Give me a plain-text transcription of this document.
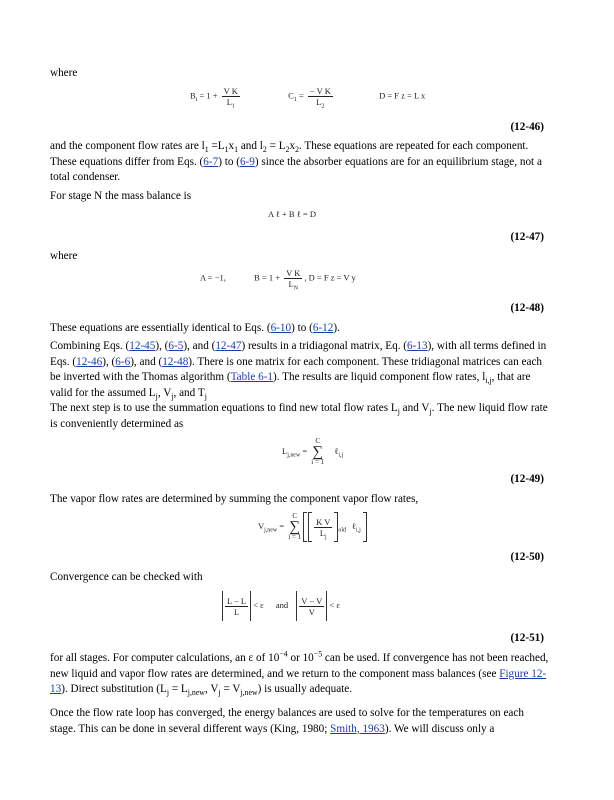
where

$B_i = 1 + \frac{\text{V K}}{L_1}$	$C_1 = \frac{\text{− V K}}{L_2}$	D = F z = L x
(12-46)

and the component flow rates are $l_1 =L_1x_1$ and $l_2 = L_2x_2$. These equations are repeated for each component. These equations differ from Eqs. (6-7) to (6-9) since the absorber equations are for an equilibrium stage, not a total condenser.

For stage N the mass balance is

A ℓ + B ℓ = D
(12-47)

where

A = −1,	$B = 1 + \frac{\text{V K}}{L_N}$ , D = F z = V y
(12-48)

These equations are essentially identical to Eqs. (6-10) to (6-12).

Combining Eqs. (12-45), (6-5), and (12-47) results in a tridiagonal matrix, Eq. (6-13), with all terms defined in Eqs. (12-46), (6-6), and (12-48). There is one matrix for each component. These tridiagonal matrices can each be inverted with the Thomas algorithm (Table 6-1). The results are liquid component flow rates, $l_{i,j}$, that are valid for the assumed $L_j$, $V_j$, and $T_j$

The next step is to use the summation equations to find new total flow rates $L_j$ and $V_j$. The new liquid flow rate is conveniently determined as

$L_{j,new} = C$
∑
i = 1 ℓ$_{i,j}$
(12-49)

The vapor flow rates are determined by summing the component vapor flow rates,

$V_{j,new} = C$
∑
$i = 1 \frac{\text{K V}}{L_j} _{old}$ ℓ$_{i,j}$
(12-50)

Convergence can be checked with

$\frac{L - L}{L} < \varepsilon$ and $\frac{V - V}{V} < \varepsilon$
(12-51)

for all stages. For computer calculations, an ε of $10^{-4}$ or $10^{-5}$ can be used. If convergence has not been reached, new liquid and vapor flow rates are determined, and we return to the component mass balances (see Figure 12-13). Direct substitution ($L_j = L_{j,new}$, $V_j = V_{j,new}$) is usually adequate.

Once the flow rate loop has converged, the energy balances are used to solve for the temperatures on each stage. This can be done in several different ways (King, 1980; Smith, 1963). We will discuss only a
